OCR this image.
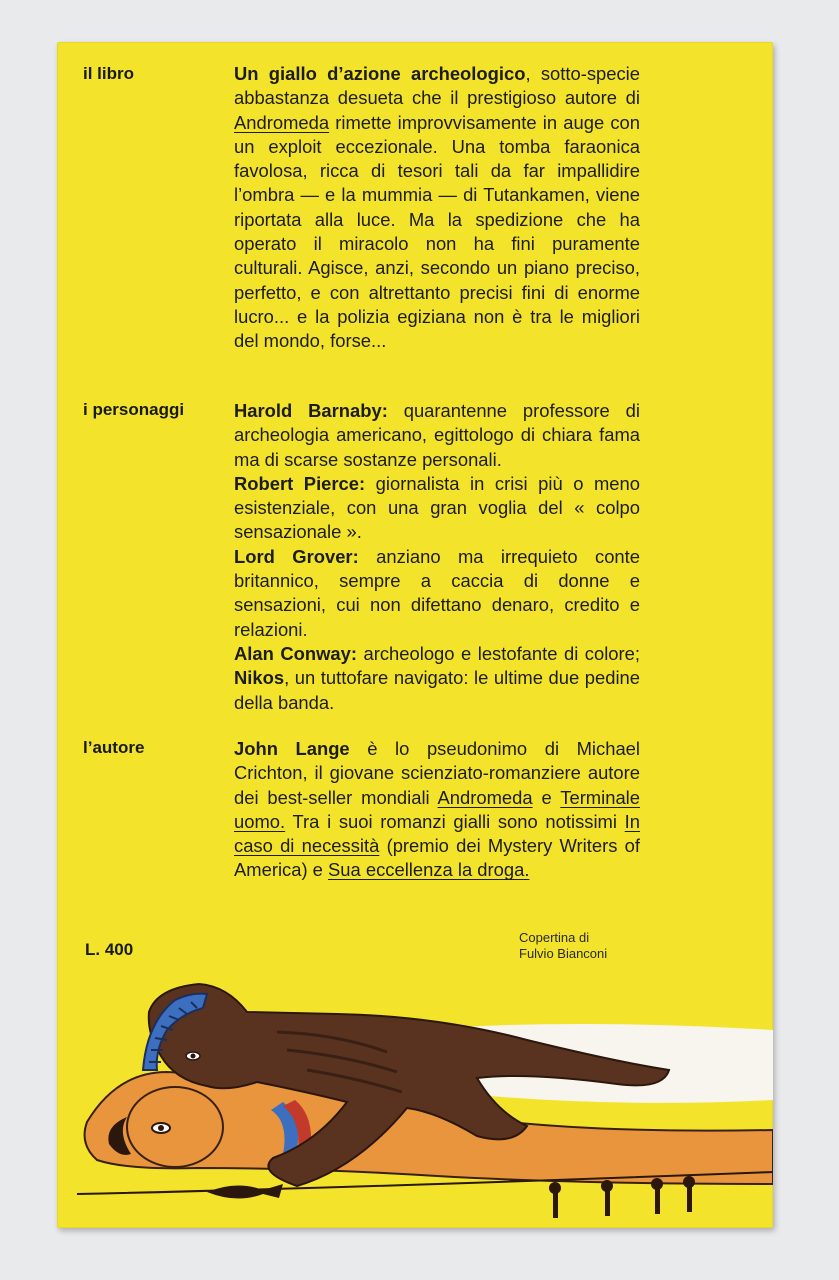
il libro	Un giallo d’azione archeologico, sotto-specie abbastanza desueta che il prestigioso autore di Andromeda rimette improvvisamente in auge con un exploit eccezionale. Una tomba faraonica favolosa, ricca di tesori tali da far impallidire l’ombra — e la mummia — di Tutankamen, viene riportata alla luce. Ma la spedizione che ha operato il miracolo non ha fini puramente culturali. Agisce, anzi, secondo un piano preciso, perfetto, e con altrettanto precisi fini di enorme lucro... e la polizia egiziana non è tra le migliori del mondo, forse...

i personaggi	Harold Barnaby: quarantenne professore di archeologia americano, egittologo di chiara fama ma di scarse sostanze personali.

Robert Pierce: giornalista in crisi più o meno esistenziale, con una gran voglia del « colpo sensazionale ».

Lord Grover: anziano ma irrequieto conte britannico, sempre a caccia di donne e sensazioni, cui non difettano denaro, credito e relazioni.

Alan Conway: archeologo e lestofante di colore; Nikos, un tuttofare navigato: le ultime due pedine della banda.

l’autore	John Lange è lo pseudonimo di Michael Crichton, il giovane scienziato-romanziere autore dei best-seller mondiali Andromeda e Terminale uomo. Tra i suoi romanzi gialli sono notissimi In caso di necessità (premio dei Mystery Writers of America) e Sua eccellenza la droga.

L. 400
Copertina di
Fulvio Bianconi
